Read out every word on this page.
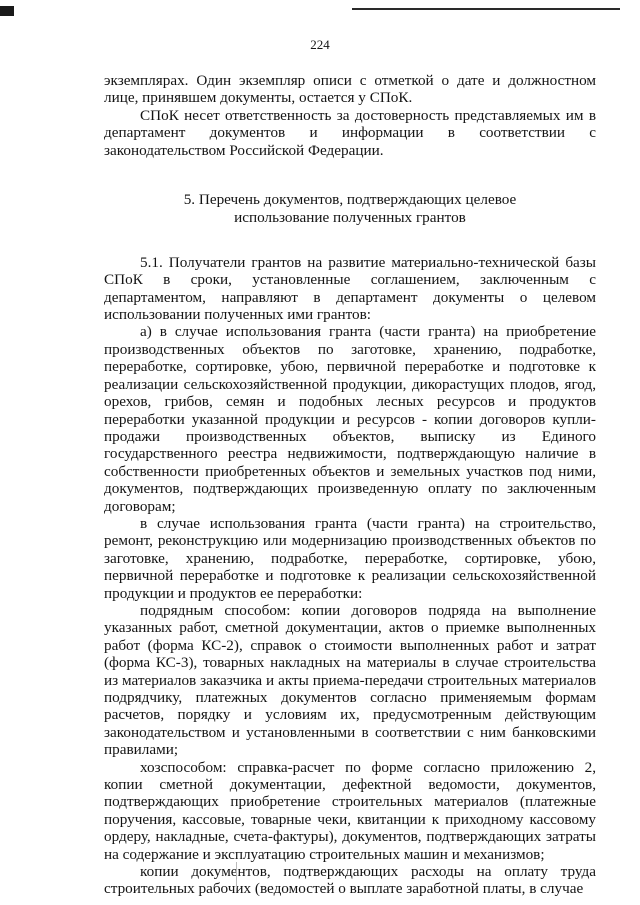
224

экземплярах. Один экземпляр описи с отметкой о дате и должностном лице, принявшем документы, остается у СПоК.

СПоК несет ответственность за достоверность представляемых им в департамент документов и информации в соответствии с законодательством Российской Федерации.

5. Перечень документов, подтверждающих целевое
использование полученных грантов

5.1. Получатели грантов на развитие материально-технической базы СПоК в сроки, установленные соглашением, заключенным с департаментом, направляют в департамент документы о целевом использовании полученных ими грантов:

а) в случае использования гранта (части гранта) на приобретение производственных объектов по заготовке, хранению, подработке, переработке, сортировке, убою, первичной переработке и подготовке к реализации сельскохозяйственной продукции, дикорастущих плодов, ягод, орехов, грибов, семян и подобных лесных ресурсов и продуктов переработки указанной продукции и ресурсов - копии договоров купли-продажи производственных объектов, выписку из Единого государственного реестра недвижимости, подтверждающую наличие в собственности приобретенных объектов и земельных участков под ними, документов, подтверждающих произведенную оплату по заключенным договорам;

в случае использования гранта (части гранта) на строительство, ремонт, реконструкцию или модернизацию производственных объектов по заготовке, хранению, подработке, переработке, сортировке, убою, первичной переработке и подготовке к реализации сельскохозяйственной продукции и продуктов ее переработки:

подрядным способом: копии договоров подряда на выполнение указанных работ, сметной документации, актов о приемке выполненных работ (форма КС-2), справок о стоимости выполненных работ и затрат (форма КС-3), товарных накладных на материалы в случае строительства из материалов заказчика и акты приема-передачи строительных материалов подрядчику, платежных документов согласно применяемым формам расчетов, порядку и условиям их, предусмотренным действующим законодательством и установленными в соответствии с ним банковскими правилами;

хозспособом: справка-расчет по форме согласно приложению 2, копии сметной документации, дефектной ведомости, документов, подтверждающих приобретение строительных материалов (платежные поручения, кассовые, товарные чеки, квитанции к приходному кассовому ордеру, накладные, счета-фактуры), документов, подтверждающих затраты на содержание и эксплуатацию строительных машин и механизмов;

копии документов, подтверждающих расходы на оплату труда строительных рабочих (ведомостей о выплате заработной платы, в случае
